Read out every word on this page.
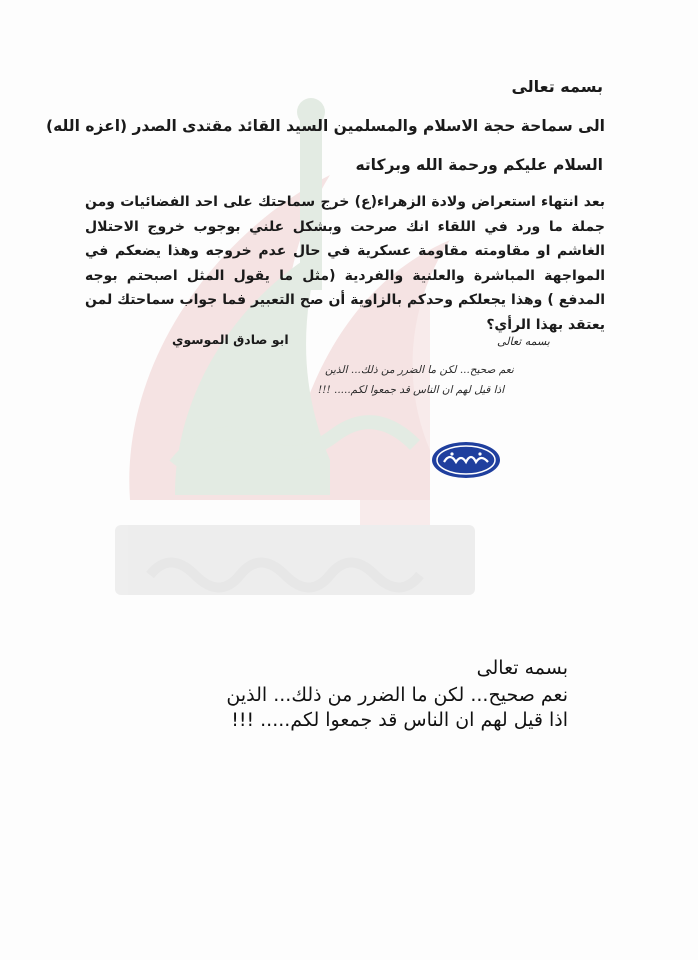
بسمه تعالى
الى سماحة حجة الاسلام والمسلمين السيد القائد مقتدى الصدر (اعزه الله)
السلام عليكم ورحمة الله وبركاته
بعد انتهاء استعراض ولادة الزهراء(ع) خرج سماحتك على احد الفضائيات ومن جملة ما ورد في اللقاء انك صرحت وبشكل علني بوجوب خروج الاحتلال الغاشم او مقاومته مقاومة عسكرية في حال عدم خروجه وهذا يضعكم في المواجهة المباشرة والعلنية والفردية (مثل ما يقول المثل اصبحتم بوجه المدفع ) وهذا يجعلكم وحدكم بالزاوية أن صح التعبير فما جواب سماحتك لمن يعتقد بهذا الرأي؟
ابو صادق الموسوي	بسمه تعالى
نعم صحيح... لكن ما الضرر من ذلك... الذين
اذا قيل لهم ان الناس قد جمعوا لكم..... !!!
بسمه تعالى
نعم صحيح... لكن ما الضرر من ذلك... الذين
اذا قيل لهم ان الناس قد جمعوا لكم..... !!!
